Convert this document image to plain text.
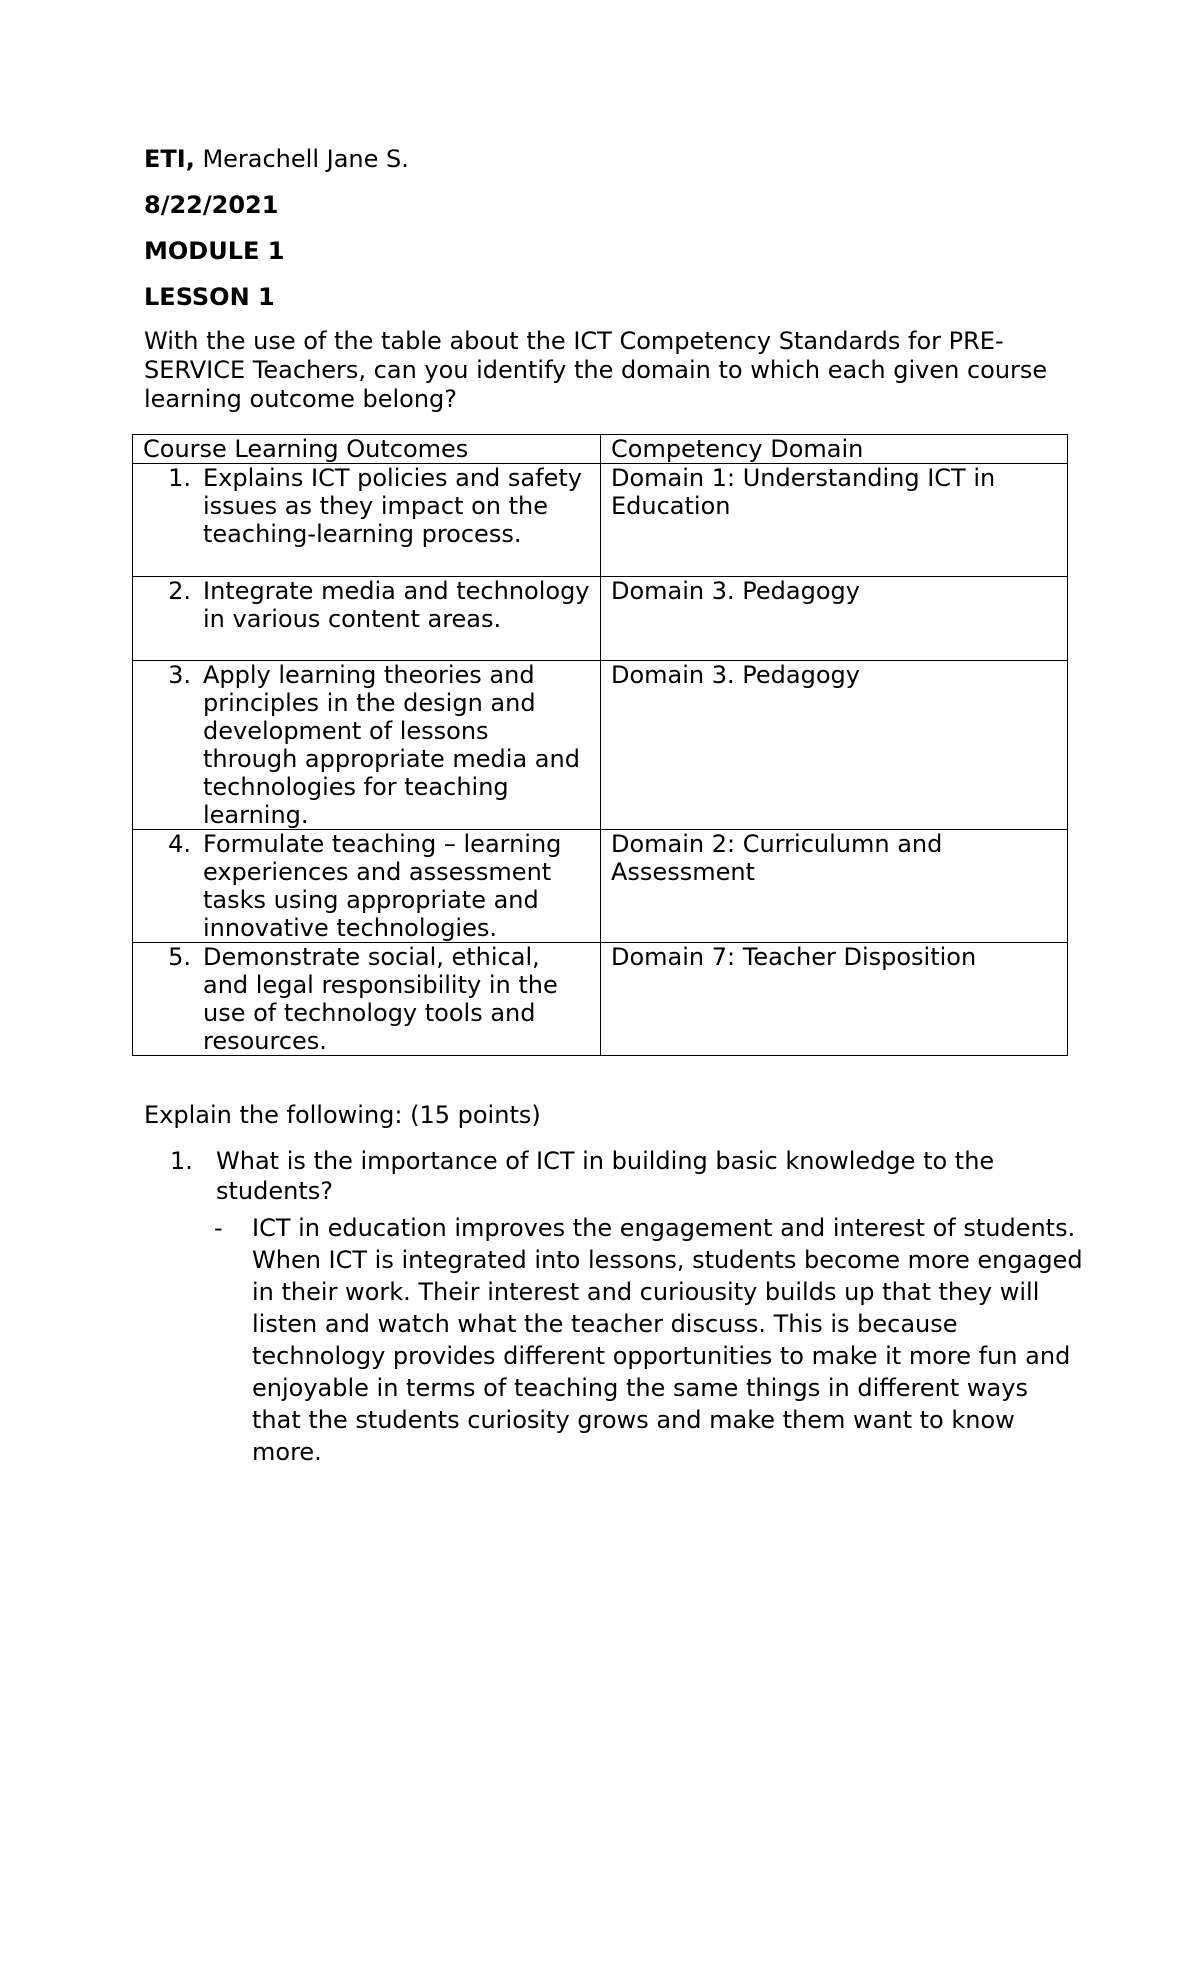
ETI, Merachell Jane S.
8/22/2021
MODULE 1
LESSON 1
With the use of the table about the ICT Competency Standards for PRE-SERVICE Teachers, can you identify the domain to which each given course learning outcome belong?
Course Learning Outcomes	Competency Domain

1. Explains ICT policies and safety issues as they impact on the teaching-learning process.	Domain 1: Understanding ICT in Education

2. Integrate media and technology in various content areas.	Domain 3. Pedagogy

3. Apply learning theories and principles in the design and development of lessons through appropriate media and technologies for teaching learning.	Domain 3. Pedagogy

4. Formulate teaching – learning experiences and assessment tasks using appropriate and innovative technologies.	Domain 2: Curriculumn and Assessment

5. Demonstrate social, ethical, and legal responsibility in the use of technology tools and resources.	Domain 7: Teacher Disposition
Explain the following: (15 points)
1. What is the importance of ICT in building basic knowledge to the students?
-	ICT in education improves the engagement and interest of students. When ICT is integrated into lessons, students become more engaged in their work. Their interest and curiousity builds up that they will listen and watch what the teacher discuss. This is because technology provides different opportunities to make it more fun and enjoyable in terms of teaching the same things in different ways that the students curiosity grows and make them want to know more.
